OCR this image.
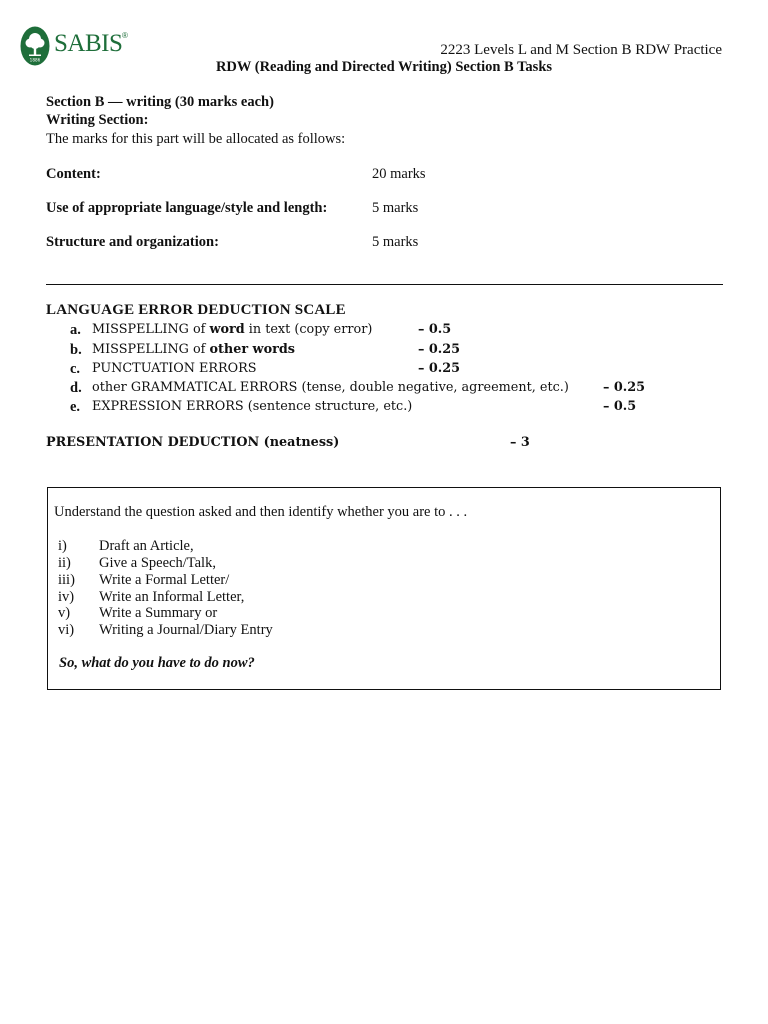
1886
SABIS ®
2223 Levels L and M Section B RDW Practice
RDW (Reading and Directed Writing) Section B Tasks
Section B — writing (30 marks each)
Writing Section:
The marks for this part will be allocated as follows:
Content:	20 marks
Use of appropriate language/style and length:	5 marks
Structure and organization:	5 marks
LANGUAGE ERROR DEDUCTION SCALE
a. MISSPELLING of word in text (copy error)	– 0.5
b. MISSPELLING of other words	– 0.25
c. PUNCTUATION ERRORS	– 0.25
d. other GRAMMATICAL ERRORS (tense, double negative, agreement, etc.)	– 0.25
e. EXPRESSION ERRORS (sentence structure, etc.)	– 0.5
PRESENTATION DEDUCTION (neatness)	– 3
Understand the question asked and then identify whether you are to . . .
i) Draft an Article,
ii) Give a Speech/Talk,
iii) Write a Formal Letter/
iv) Write an Informal Letter,
v) Write a Summary or
vi) Writing a Journal/Diary Entry
So, what do you have to do now?
